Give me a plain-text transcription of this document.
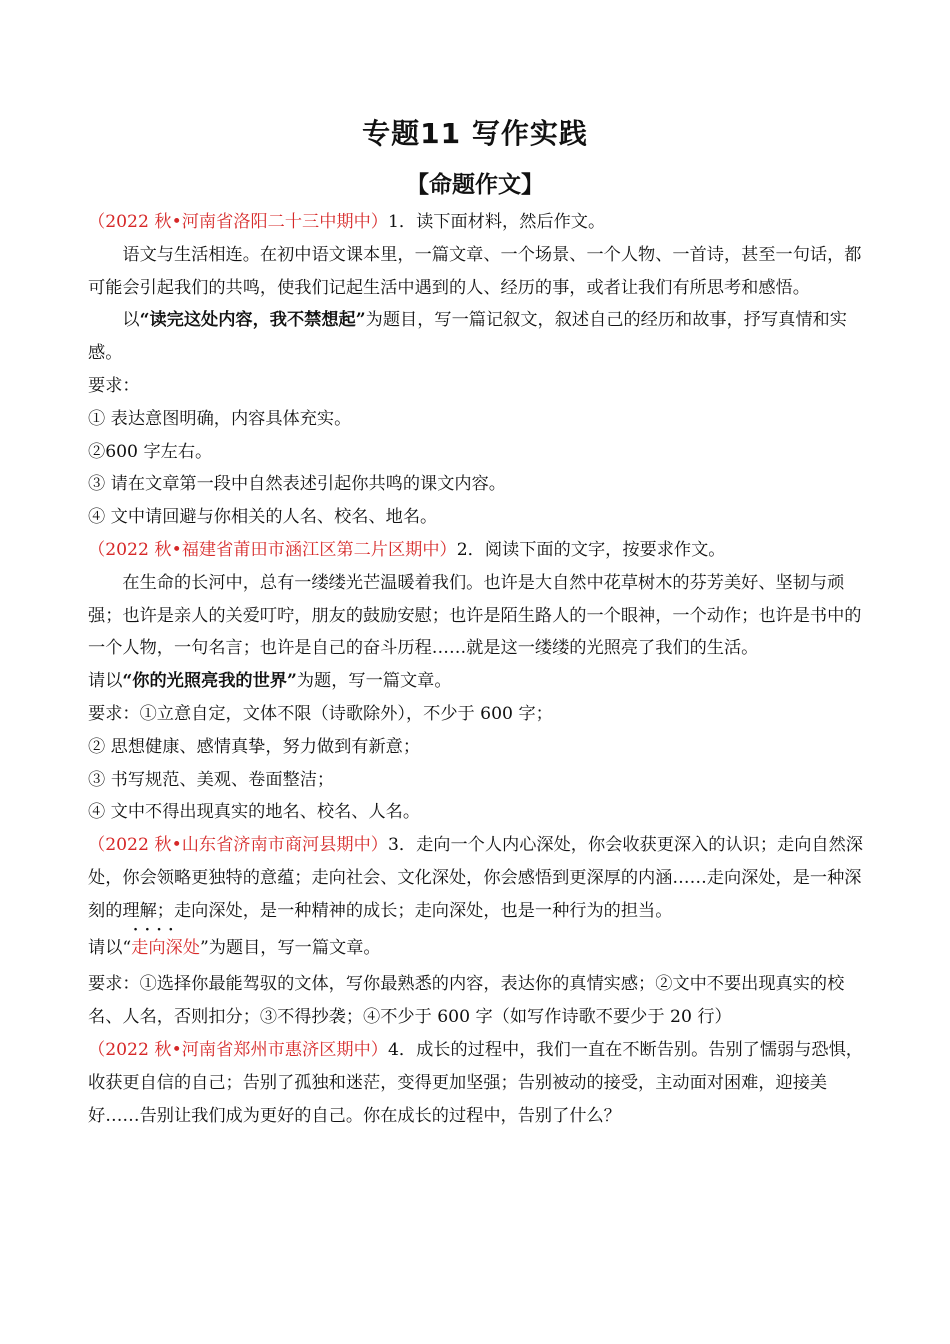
专题11 写作实践
【命题作文】

（2022 秋•河南省洛阳二十三中期中）1．读下面材料，然后作文。

语文与生活相连。在初中语文课本里，一篇文章、一个场景、一个人物、一首诗，甚至一句话，都可能会引起我们的共鸣，使我们记起生活中遇到的人、经历的事，或者让我们有所思考和感悟。

以“读完这处内容，我不禁想起”为题目，写一篇记叙文，叙述自己的经历和故事，抒写真情和实感。

要求：

① 表达意图明确，内容具体充实。

②600 字左右。

③ 请在文章第一段中自然表述引起你共鸣的课文内容。

④ 文中请回避与你相关的人名、校名、地名。

（2022 秋•福建省莆田市涵江区第二片区期中）2．阅读下面的文字，按要求作文。

在生命的长河中，总有一缕缕光芒温暖着我们。也许是大自然中花草树木的芬芳美好、坚韧与顽强；也许是亲人的关爱叮咛，朋友的鼓励安慰；也许是陌生路人的一个眼神，一个动作；也许是书中的一个人物，一句名言；也许是自己的奋斗历程……就是这一缕缕的光照亮了我们的生活。

请以“你的光照亮我的世界”为题，写一篇文章。

要求：①立意自定，文体不限（诗歌除外），不少于 600 字；

② 思想健康、感情真挚，努力做到有新意；

③ 书写规范、美观、卷面整洁；

④ 文中不得出现真实的地名、校名、人名。

（2022 秋•山东省济南市商河县期中）3．走向一个人内心深处，你会收获更深入的认识；走向自然深处，你会领略更独特的意蕴；走向社会、文化深处，你会感悟到更深厚的内涵……走向深处，是一种深刻的理解；走向深处，是一种精神的成长；走向深处，也是一种行为的担当。

请以“· · · · 走向深处”为题目，写一篇文章。

要求：①选择你最能驾驭的文体，写你最熟悉的内容，表达你的真情实感；②文中不要出现真实的校名、人名，否则扣分；③不得抄袭；④不少于 600 字（如写作诗歌不要少于 20 行）

（2022 秋•河南省郑州市惠济区期中）4．成长的过程中，我们一直在不断告别。告别了懦弱与恐惧，收获更自信的自己；告别了孤独和迷茫，变得更加坚强；告别被动的接受，主动面对困难，迎接美好……告别让我们成为更好的自己。你在成长的过程中，告别了什么？
